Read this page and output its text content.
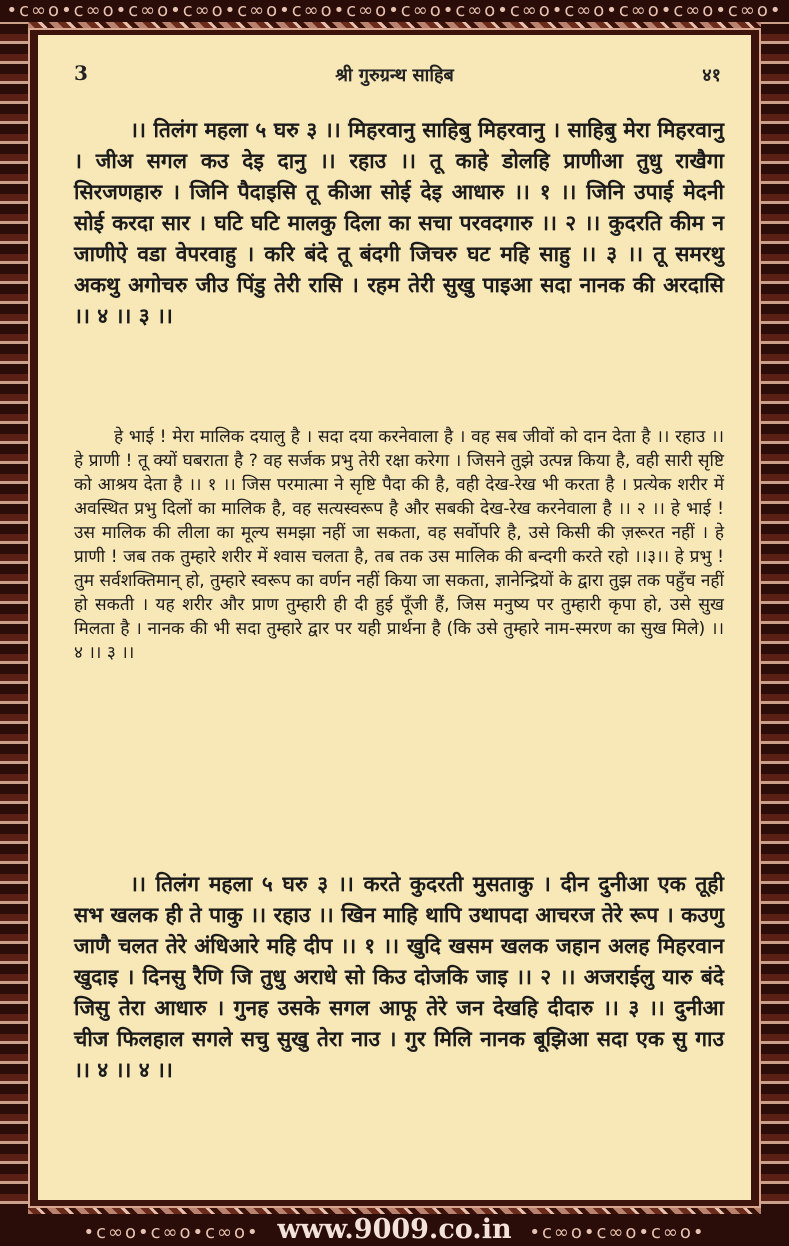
•c∞o•c∞o•c∞o•c∞o•c∞o•c∞o•c∞o•c∞o•c∞o•c∞o•c∞o•c∞o•c∞o•c∞o•
•c∞o•c∞o•c∞o• www.9009.co.in •c∞o•c∞o•c∞o•
श्री गुरुग्रन्थ साहिब
3	४१
।। तिलंग महला ५ घरु ३ ।। मिहरवानु साहिबु मिहरवानु । साहिबु मेरा मिहरवानु । जीअ सगल कउ देइ दानु ।। रहाउ ।। तू काहे डोलहि प्राणीआ तुधु राखैगा सिरजणहारु । जिनि पैदाइसि तू कीआ सोई देइ आधारु ।। १ ।। जिनि उपाई मेदनी सोई करदा सार । घटि घटि मालकु दिला का सचा परवदगारु ।। २ ।। कुदरति कीम न जाणीऐ वडा वेपरवाहु । करि बंदे तू बंदगी जिचरु घट महि साहु ।। ३ ।। तू समरथु अकथु अगोचरु जीउ पिंडु तेरी रासि । रहम तेरी सुखु पाइआ सदा नानक की अरदासि ।। ४ ।। ३ ।।
हे भाई ! मेरा मालिक दयालु है । सदा दया करनेवाला है । वह सब जीवों को दान देता है ।। रहाउ ।। हे प्राणी ! तू क्यों घबराता है ? वह सर्जक प्रभु तेरी रक्षा करेगा । जिसने तुझे उत्पन्न किया है, वही सारी सृष्टि को आश्रय देता है ।। १ ।। जिस परमात्मा ने सृष्टि पैदा की है, वही देख-रेख भी करता है । प्रत्येक शरीर में अवस्थित प्रभु दिलों का मालिक है, वह सत्यस्वरूप है और सबकी देख-रेख करनेवाला है ।। २ ।। हे भाई ! उस मालिक की लीला का मूल्य समझा नहीं जा सकता, वह सर्वोपरि है, उसे किसी की ज़रूरत नहीं । हे प्राणी ! जब तक तुम्हारे शरीर में श्वास चलता है, तब तक उस मालिक की बन्दगी करते रहो ।।३।। हे प्रभु ! तुम सर्वशक्तिमान् हो, तुम्हारे स्वरूप का वर्णन नहीं किया जा सकता, ज्ञानेन्द्रियों के द्वारा तुझ तक पहुँच नहीं हो सकती । यह शरीर और प्राण तुम्हारी ही दी हुई पूँजी हैं, जिस मनुष्य पर तुम्हारी कृपा हो, उसे सुख मिलता है । नानक की भी सदा तुम्हारे द्वार पर यही प्रार्थना है (कि उसे तुम्हारे नाम-स्मरण का सुख मिले) ।। ४ ।। ३ ।।
।। तिलंग महला ५ घरु ३ ।। करते कुदरती मुसताकु । दीन दुनीआ एक तूही सभ खलक ही ते पाकु ।। रहाउ ।। खिन माहि थापि उथापदा आचरज तेरे रूप । कउणु जाणै चलत तेरे अंधिआरे महि दीप ।। १ ।। खुदि खसम खलक जहान अलह मिहरवान खुदाइ । दिनसु रैणि जि तुधु अराधे सो किउ दोजकि जाइ ।। २ ।। अजराईलु यारु बंदे जिसु तेरा आधारु । गुनह उसके सगल आफू तेरे जन देखहि दीदारु ।। ३ ।। दुनीआ चीज फिलहाल सगले सचु सुखु तेरा नाउ । गुर मिलि नानक बूझिआ सदा एक सु गाउ ।। ४ ।। ४ ।।
